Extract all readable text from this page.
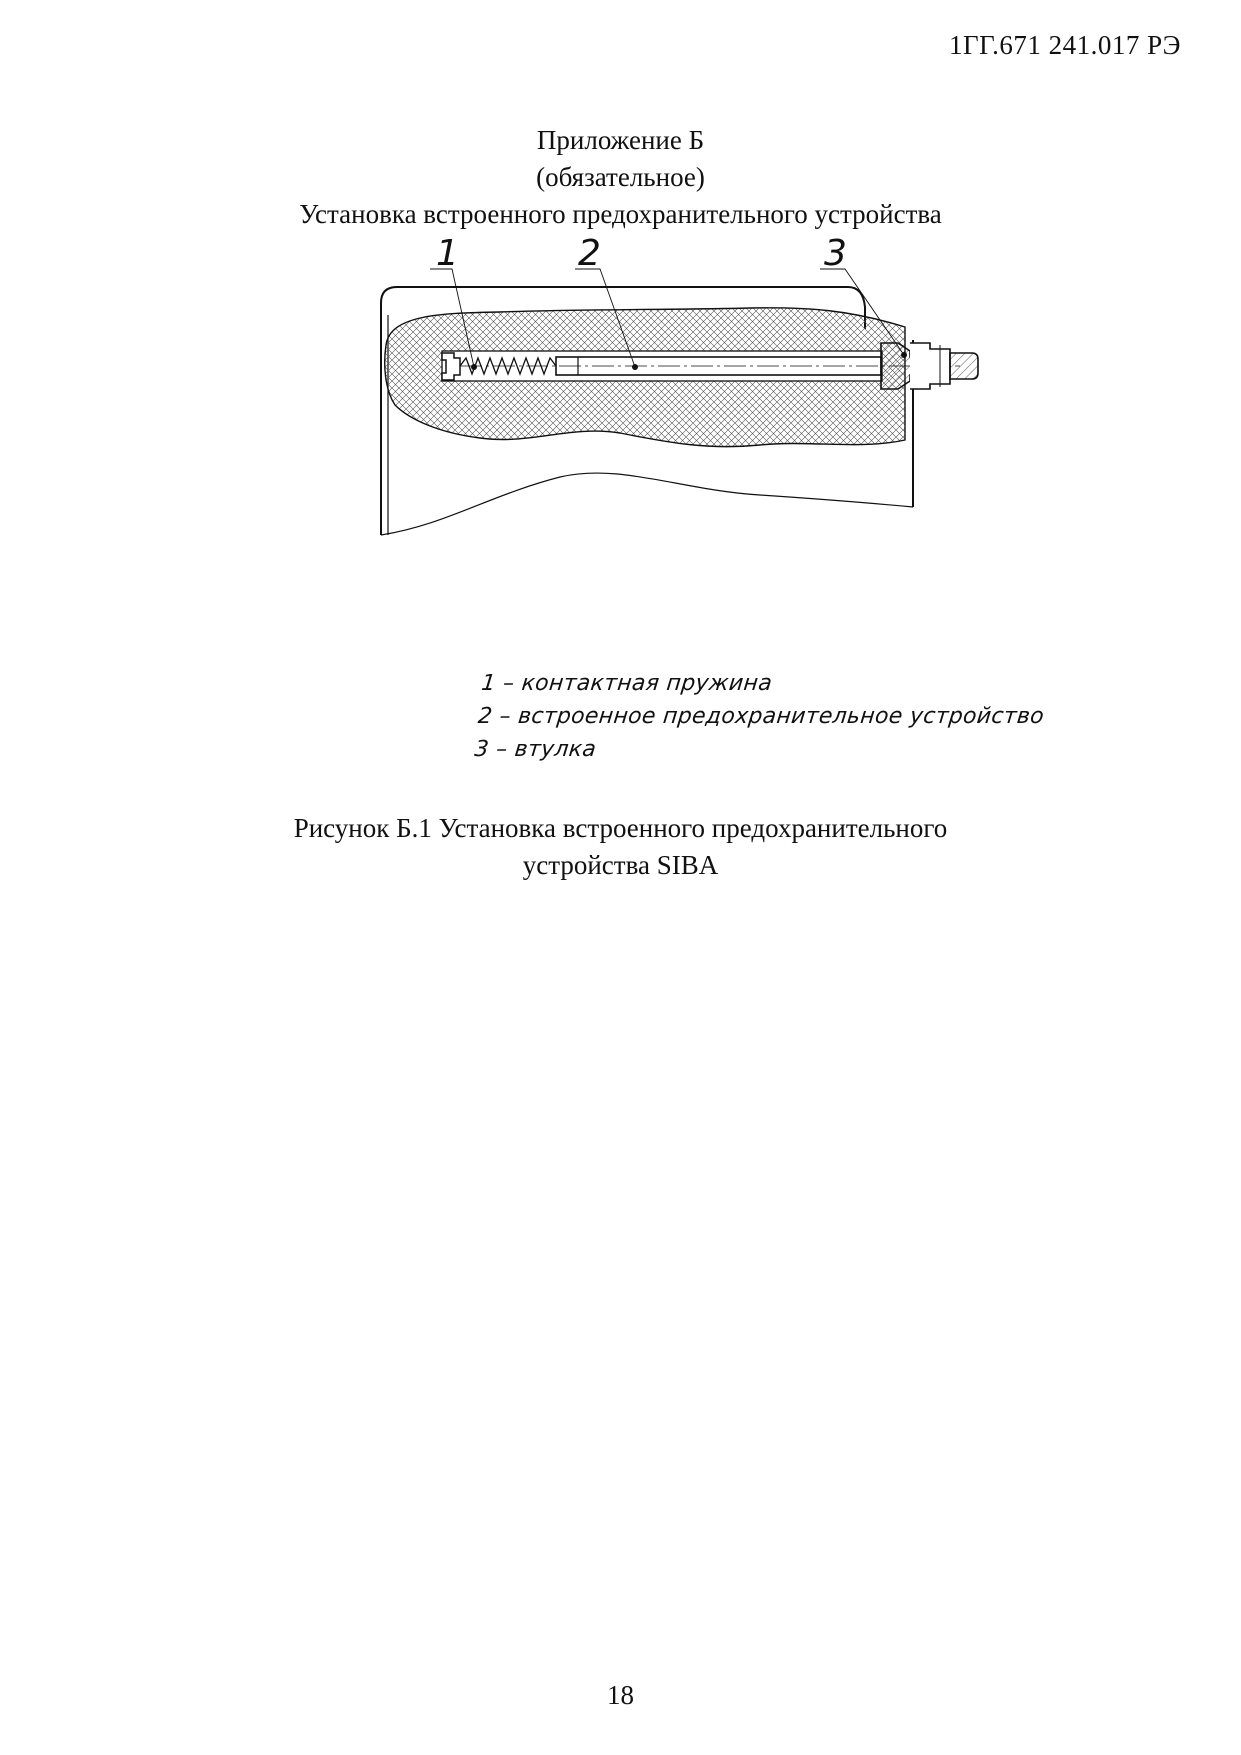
1ГГ.671 241.017 РЭ
Приложение Б
(обязательное)
Установка встроенного предохранительного устройства
1	2	3
1 – контактная пружина
2 – встроенное предохранительное устройство
3 – втулка
Рисунок Б.1 Установка встроенного предохранительного
устройства SIBA
18
